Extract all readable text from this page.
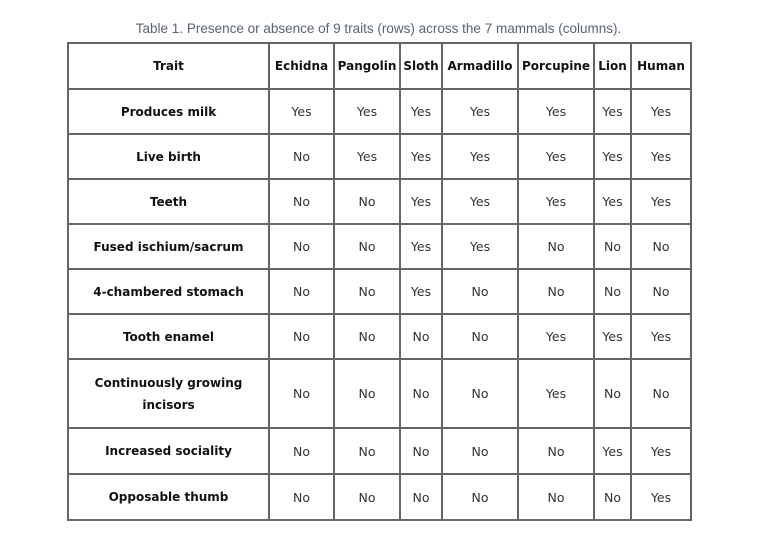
Table 1. Presence or absence of 9 traits (rows) across the 7 mammals (columns).
Trait	Echidna	Pangolin	Sloth	Armadillo	Porcupine	Lion	Human
Produces milk	Yes	Yes	Yes	Yes	Yes	Yes	Yes
Live birth	No	Yes	Yes	Yes	Yes	Yes	Yes
Teeth	No	No	Yes	Yes	Yes	Yes	Yes
Fused ischium/sacrum	No	No	Yes	Yes	No	No	No
4-chambered stomach	No	No	Yes	No	No	No	No
Tooth enamel	No	No	No	No	Yes	Yes	Yes
Continuously growing incisors	No	No	No	No	Yes	No	No
Increased sociality	No	No	No	No	No	Yes	Yes
Opposable thumb	No	No	No	No	No	No	Yes
